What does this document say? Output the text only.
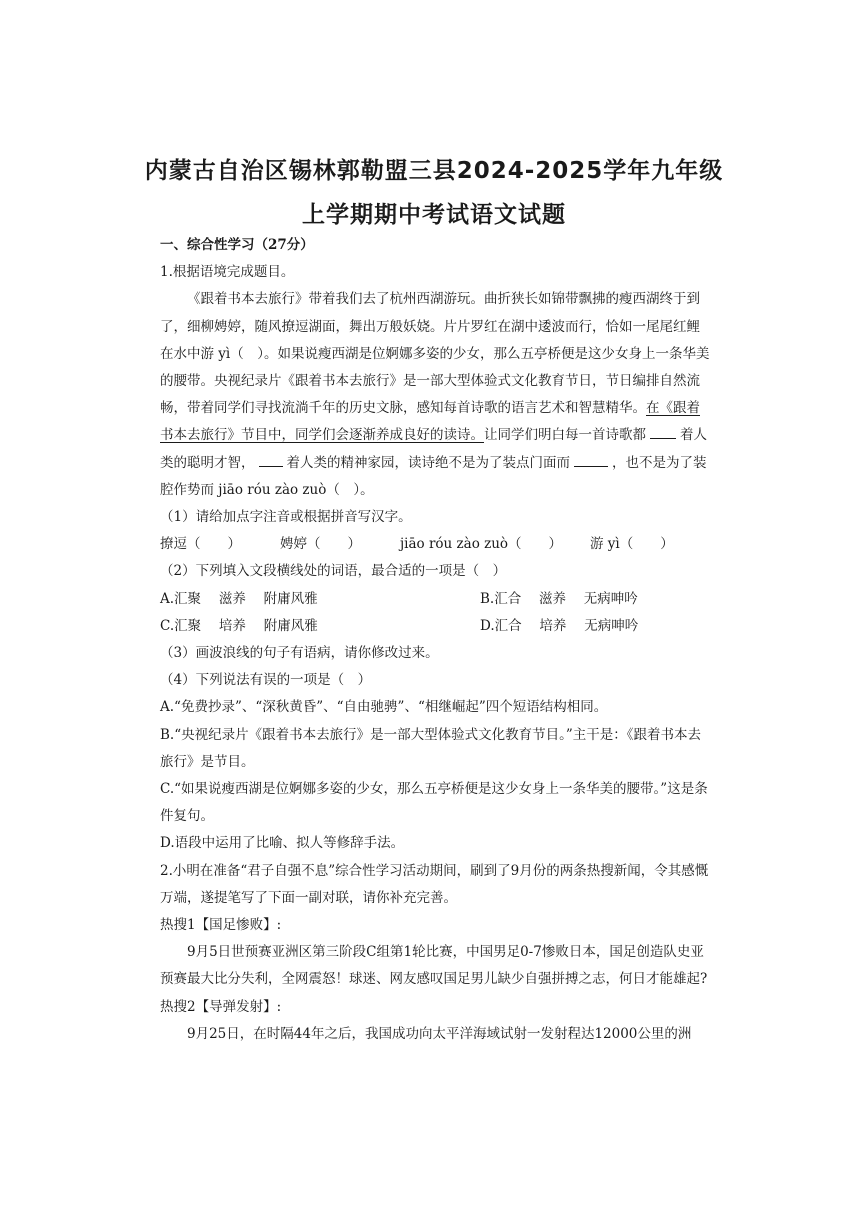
内蒙古自治区锡林郭勒盟三县2024-2025学年九年级
上学期期中考试语文试题

一、综合性学习（27分）

1.根据语境完成题目。

《跟着书本去旅行》带着我们去了杭州西湖游玩。曲折狭长如锦带飘拂的瘦西湖终于到了，细柳娉婷，随风撩逗湖面，舞出万般妖娆。片片罗红在湖中逶波而行，恰如一尾尾红鲤在水中游 yì（　）。如果说瘦西湖是位婀娜多姿的少女，那么五亭桥便是这少女身上一条华美的腰带。央视纪录片《跟着书本去旅行》是一部大型体验式文化教育节日，节日编排自然流畅，带着同学们寻找流淌千年的历史文脉，感知每首诗歌的语言艺术和智慧精华。在《跟着书本去旅行》节目中，同学们会逐渐养成良好的读诗。让同学们明白每一首诗歌都	着人类的聪明才智， 着人类的精神家园，读诗绝不是为了装点门面而	，也不是为了装腔作势而 jiāo róu zào zuò（　）。

（1）请给加点字注音或根据拼音写汉字。

撩逗（　　）	娉婷（　　）	jiāo róu zào zuò（　　）	游 yì（　　）

（2）下列填入文段横线处的词语，最合适的一项是（　）

A.汇聚　 滋养　 附庸风雅	B.汇合　 滋养　 无病呻吟

C.汇聚　 培养　 附庸风雅	D.汇合　 培养　 无病呻吟

（3）画波浪线的句子有语病，请你修改过来。

（4）下列说法有误的一项是（　）

A.“免费抄录”、“深秋黄昏”、“自由驰骋”、“相继崛起”四个短语结构相同。

B.“央视纪录片《跟着书本去旅行》是一部大型体验式文化教育节目。”主干是：《跟着书本去旅行》是节目。

C.“如果说瘦西湖是位婀娜多姿的少女，那么五亭桥便是这少女身上一条华美的腰带。”这是条件复句。

D.语段中运用了比喻、拟人等修辞手法。

2.小明在准备“君子自强不息”综合性学习活动期间，刷到了9月份的两条热搜新闻，令其感慨万端，遂提笔写了下面一副对联，请你补充完善。

热搜1【国足惨败】:

9月5日世预赛亚洲区第三阶段C组第1轮比赛，中国男足0-7惨败日本，国足创造队史亚预赛最大比分失利，全网震怒！球迷、网友感叹国足男儿缺少自强拼搏之志，何日才能雄起?

热搜2【导弹发射】:

9月25日，在时隔44年之后，我国成功向太平洋海域试射一发射程达12000公里的洲
